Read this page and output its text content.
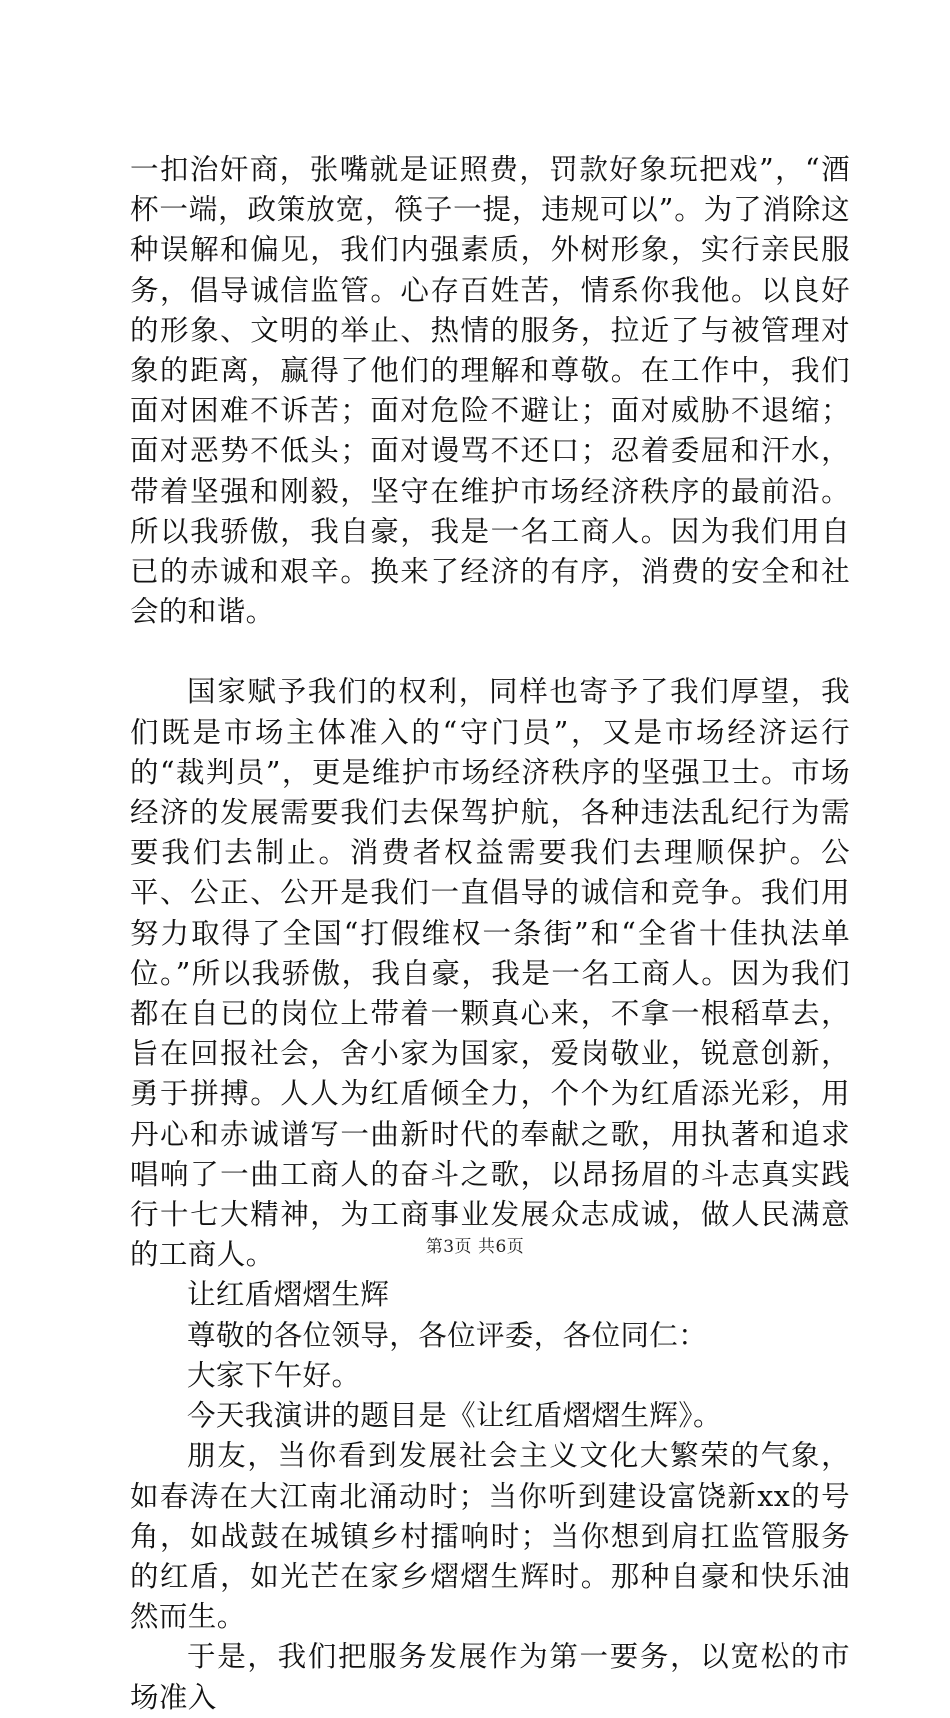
一扣治奸商，张嘴就是证照费，罚款好象玩把戏”，“酒杯一端，政策放宽，筷子一提，违规可以”。为了消除这种误解和偏见，我们内强素质，外树形象，实行亲民服务，倡导诚信监管。心存百姓苦，情系你我他。以良好的形象、文明的举止、热情的服务，拉近了与被管理对象的距离，赢得了他们的理解和尊敬。在工作中，我们面对困难不诉苦；面对危险不避让；面对威胁不退缩；面对恶势不低头；面对谩骂不还口；忍着委屈和汗水，带着坚强和刚毅，坚守在维护市场经济秩序的最前沿。所以我骄傲，我自豪，我是一名工商人。因为我们用自已的赤诚和艰辛。换来了经济的有序，消费的安全和社会的和谐。

国家赋予我们的权利，同样也寄予了我们厚望，我们既是市场主体准入的“守门员”，又是市场经济运行的“裁判员”，更是维护市场经济秩序的坚强卫士。市场经济的发展需要我们去保驾护航，各种违法乱纪行为需要我们去制止。消费者权益需要我们去理顺保护。公平、公正、公开是我们一直倡导的诚信和竞争。我们用努力取得了全国“打假维权一条街”和“全省十佳执法单位。”所以我骄傲，我自豪，我是一名工商人。因为我们都在自已的岗位上带着一颗真心来，不拿一根稻草去，旨在回报社会，舍小家为国家，爱岗敬业，锐意创新，勇于拼搏。人人为红盾倾全力，个个为红盾添光彩，用丹心和赤诚谱写一曲新时代的奉献之歌，用执著和追求唱响了一曲工商人的奋斗之歌，以昂扬眉的斗志真实践行十七大精神，为工商事业发展众志成诚，做人民满意的工商人。

让红盾熠熠生辉

尊敬的各位领导，各位评委，各位同仁：

大家下午好。

今天我演讲的题目是《让红盾熠熠生辉》。

朋友，当你看到发展社会主义文化大繁荣的气象，如春涛在大江南北涌动时；当你听到建设富饶新xx的号角，如战鼓在城镇乡村擂响时；当你想到肩扛监管服务的红盾，如光芒在家乡熠熠生辉时。那种自豪和快乐油然而生。

于是，我们把服务发展作为第一要务，以宽松的市场准入

第3页 共6页
